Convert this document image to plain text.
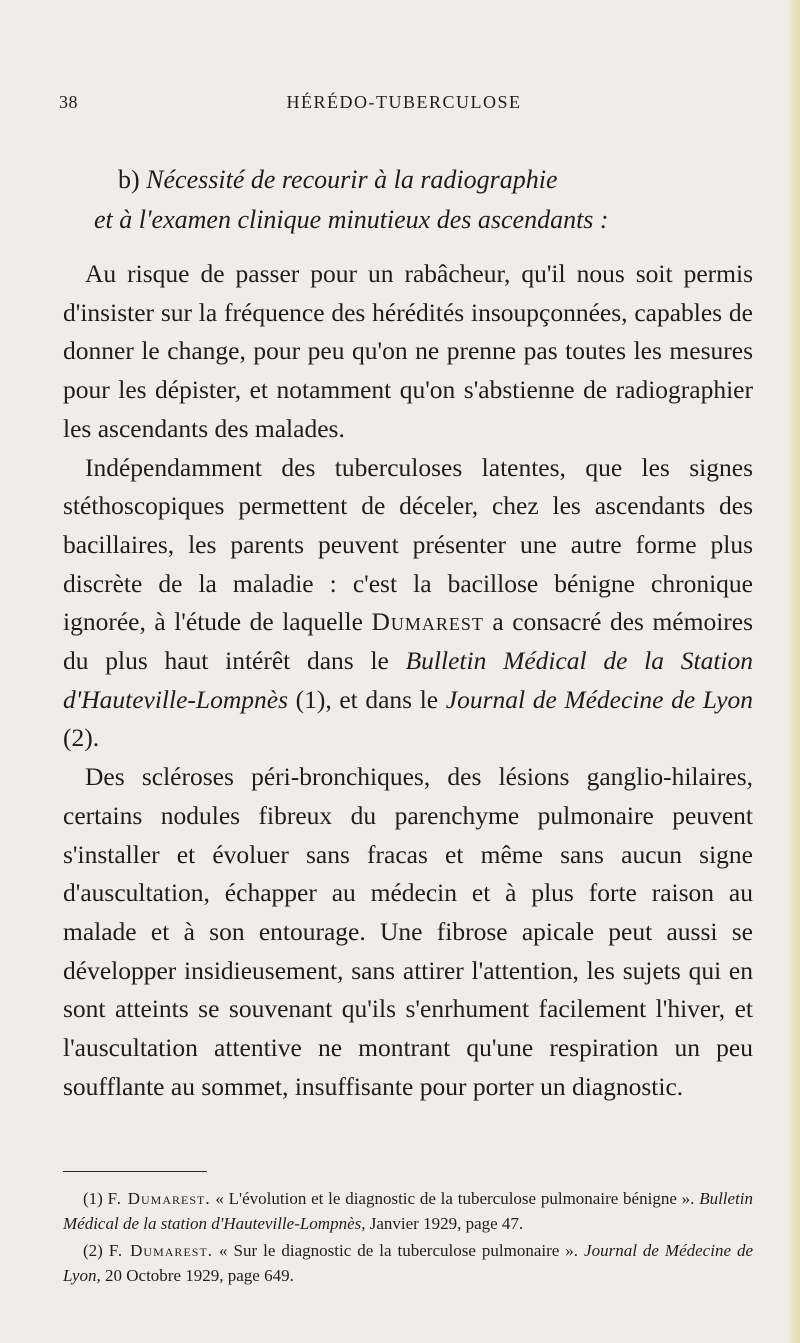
38	HÉRÉDO-TUBERCULOSE
b) Nécessité de recourir à la radiographie
et à l'examen clinique minutieux des ascendants :

Au risque de passer pour un rabâcheur, qu'il nous soit permis d'insister sur la fréquence des hérédités insoupçonnées, capables de donner le change, pour peu qu'on ne prenne pas toutes les mesures pour les dépister, et notamment qu'on s'abstienne de radiographier les ascendants des malades.

Indépendamment des tuberculoses latentes, que les signes stéthoscopiques permettent de déceler, chez les ascendants des bacillaires, les parents peuvent présenter une autre forme plus discrète de la maladie : c'est la bacillose bénigne chronique ignorée, à l'étude de laquelle Dumarest a consacré des mémoires du plus haut intérêt dans le Bulletin Médical de la Station d'Hauteville-Lompnès (1), et dans le Journal de Médecine de Lyon (2).

Des scléroses péri-bronchiques, des lésions ganglio-hilaires, certains nodules fibreux du parenchyme pulmonaire peuvent s'installer et évoluer sans fracas et même sans aucun signe d'auscultation, échapper au médecin et à plus forte raison au malade et à son entourage. Une fibrose apicale peut aussi se développer insidieusement, sans attirer l'attention, les sujets qui en sont atteints se souvenant qu'ils s'enrhument facilement l'hiver, et l'auscultation attentive ne montrant qu'une respiration un peu soufflante au sommet, insuffisante pour porter un diagnostic.

(1) F. Dumarest. « L'évolution et le diagnostic de la tuberculose pulmonaire bénigne ». Bulletin Médical de la station d'Hauteville-Lompnès, Janvier 1929, page 47.

(2) F. Dumarest. « Sur le diagnostic de la tuberculose pulmonaire ». Journal de Médecine de Lyon, 20 Octobre 1929, page 649.
